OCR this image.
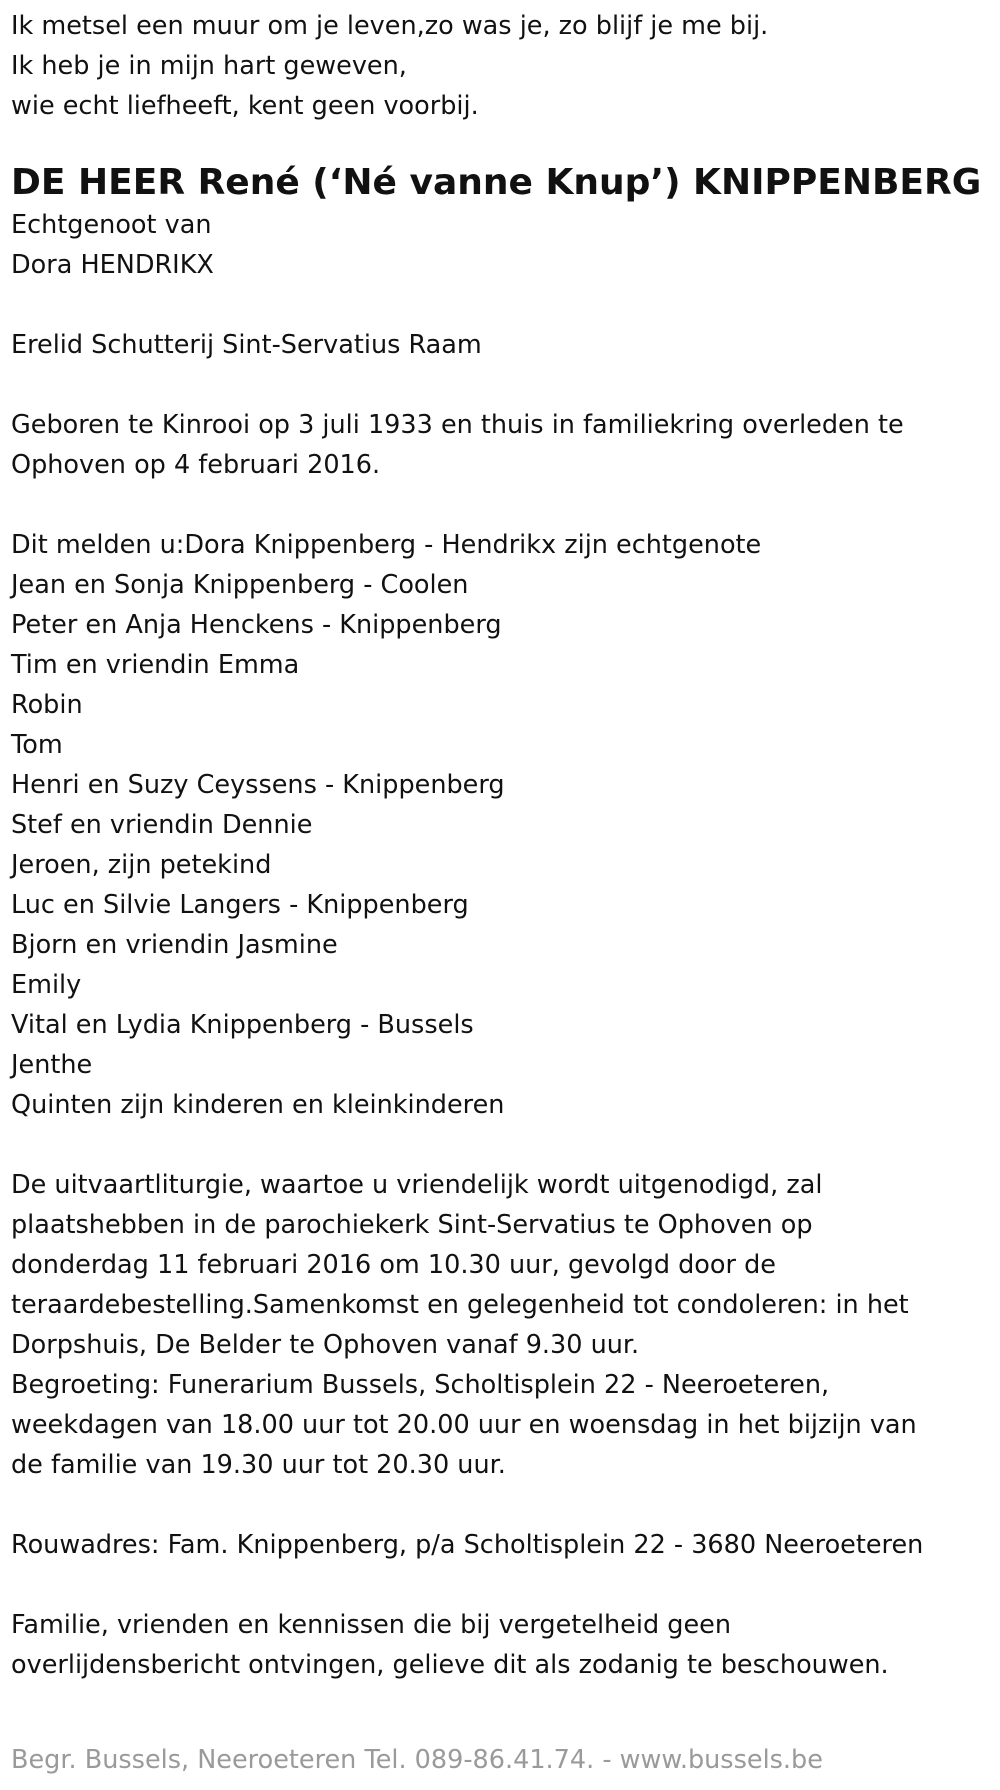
Ik metsel een muur om je leven,zo was je, zo blijf je me bij.
Ik heb je in mijn hart geweven,
wie echt liefheeft, kent geen voorbij.
DE HEER René (‘Né vanne Knup’) KNIPPENBERG
Echtgenoot van
Dora HENDRIKX
Erelid Schutterij Sint-Servatius Raam
Geboren te Kinrooi op 3 juli 1933 en thuis in familiekring overleden te
Ophoven op 4 februari 2016.
Dit melden u:Dora Knippenberg - Hendrikx zijn echtgenote
Jean en Sonja Knippenberg - Coolen
Peter en Anja Henckens - Knippenberg
Tim en vriendin Emma
Robin
Tom
Henri en Suzy Ceyssens - Knippenberg
Stef en vriendin Dennie
Jeroen, zijn petekind
Luc en Silvie Langers - Knippenberg
Bjorn en vriendin Jasmine
Emily
Vital en Lydia Knippenberg - Bussels
Jenthe
Quinten zijn kinderen en kleinkinderen
De uitvaartliturgie, waartoe u vriendelijk wordt uitgenodigd, zal
plaatshebben in de parochiekerk Sint-Servatius te Ophoven op
donderdag 11 februari 2016 om 10.30 uur, gevolgd door de
teraardebestelling.Samenkomst en gelegenheid tot condoleren: in het
Dorpshuis, De Belder te Ophoven vanaf 9.30 uur.
Begroeting: Funerarium Bussels, Scholtisplein 22 - Neeroeteren,
weekdagen van 18.00 uur tot 20.00 uur en woensdag in het bijzijn van
de familie van 19.30 uur tot 20.30 uur.
Rouwadres: Fam. Knippenberg, p/a Scholtisplein 22 - 3680 Neeroeteren
Familie, vrienden en kennissen die bij vergetelheid geen
overlijdensbericht ontvingen, gelieve dit als zodanig te beschouwen.
Begr. Bussels, Neeroeteren Tel. 089-86.41.74. - www.bussels.be
